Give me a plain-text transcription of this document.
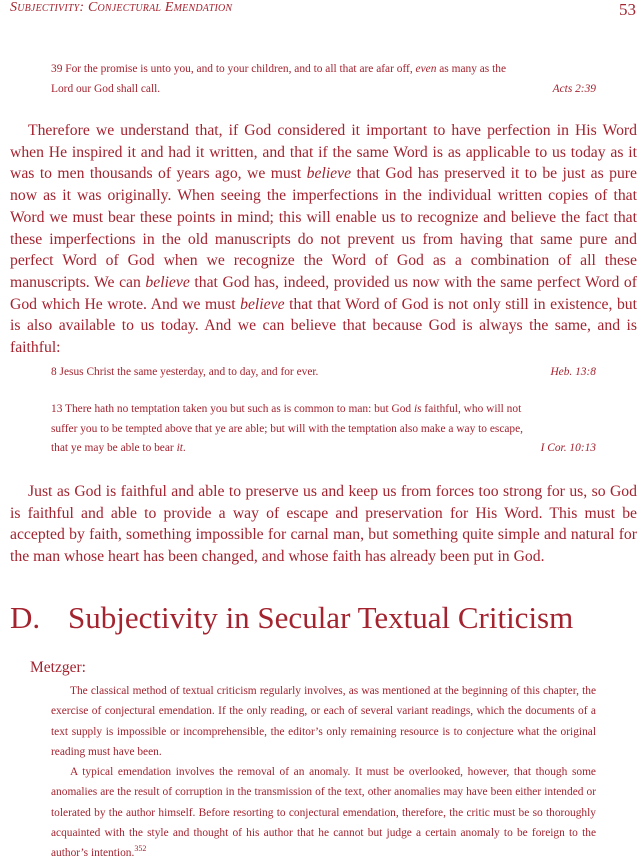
Subjectivity: Conjectural Emendation	53
39 For the promise is unto you, and to your children, and to all that are afar off, even as many as the
Lord our God shall call.	Acts 2:39
Therefore we understand that, if God considered it important to have perfection in His Word when He inspired it and had it written, and that if the same Word is as applicable to us today as it was to men thousands of years ago, we must believe that God has preserved it to be just as pure now as it was originally. When seeing the imperfections in the individual written copies of that Word we must bear these points in mind; this will enable us to recognize and believe the fact that these imperfections in the old manuscripts do not prevent us from having that same pure and perfect Word of God when we recognize the Word of God as a combination of all these manuscripts. We can believe that God has, indeed, provided us now with the same perfect Word of God which He wrote. And we must believe that that Word of God is not only still in existence, but is also available to us today. And we can believe that because God is always the same, and is faithful:
8 Jesus Christ the same yesterday, and to day, and for ever.	Heb. 13:8
13 There hath no temptation taken you but such as is common to man: but God is faithful, who will not
suffer you to be tempted above that ye are able; but will with the temptation also make a way to escape,
that ye may be able to bear it.	I Cor. 10:13
Just as God is faithful and able to preserve us and keep us from forces too strong for us, so God is faithful and able to provide a way of escape and preservation for His Word. This must be accepted by faith, something impossible for carnal man, but something quite simple and natural for the man whose heart has been changed, and whose faith has already been put in God.
D. Subjectivity in Secular Textual Criticism
Metzger:

The classical method of textual criticism regularly involves, as was mentioned at the beginning of this chapter, the exercise of conjectural emendation. If the only reading, or each of several variant readings, which the documents of a text supply is impossible or incomprehensible, the editor’s only remaining resource is to conjecture what the original reading must have been.

A typical emendation involves the removal of an anomaly. It must be overlooked, however, that though some anomalies are the result of corruption in the transmission of the text, other anomalies may have been either intended or tolerated by the author himself. Before resorting to conjectural emendation, therefore, the critic must be so thoroughly acquainted with the style and thought of his author that he cannot but judge a certain anomaly to be foreign to the author’s intention.$^{352}$
